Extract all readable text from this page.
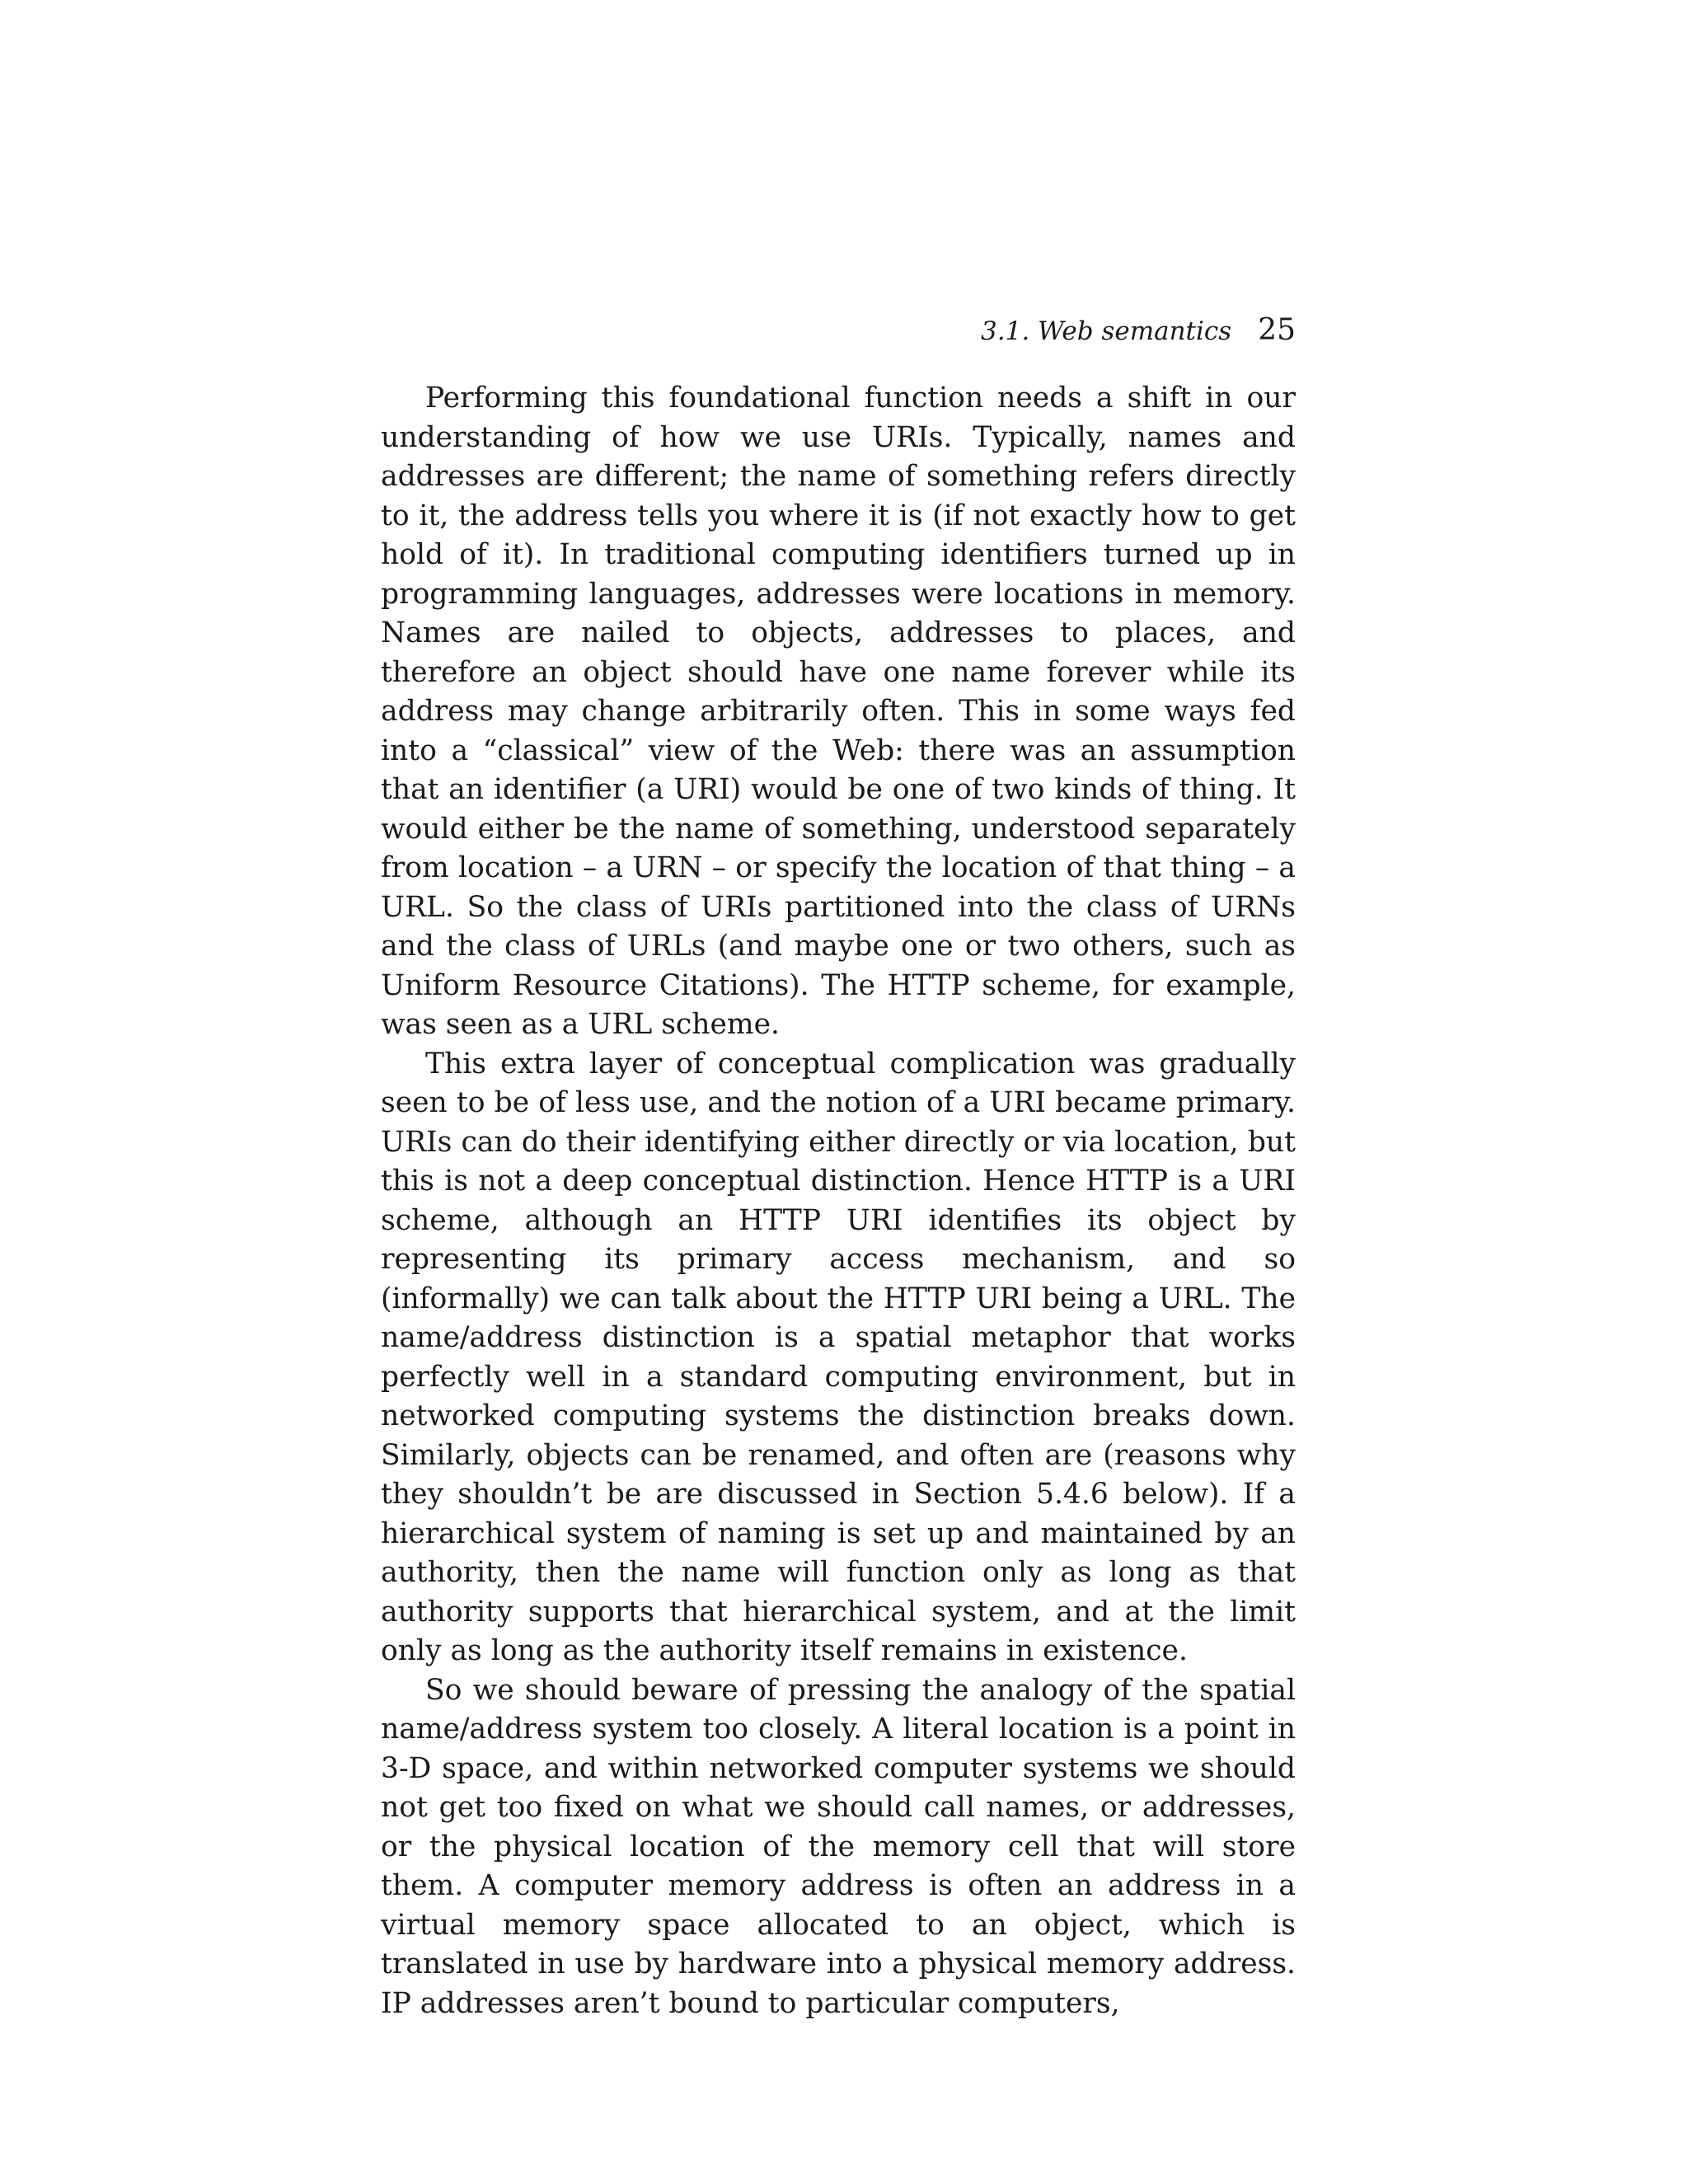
3.1. Web semantics 25

Performing this foundational function needs a shift in our understanding of how we use URIs. Typically, names and addresses are different; the name of something refers directly to it, the address tells you where it is (if not exactly how to get hold of it). In traditional computing identifiers turned up in programming languages, addresses were locations in memory. Names are nailed to objects, addresses to places, and therefore an object should have one name forever while its address may change arbitrarily often. This in some ways fed into a “classical” view of the Web: there was an assumption that an identifier (a URI) would be one of two kinds of thing. It would either be the name of something, understood separately from location – a URN – or specify the location of that thing – a URL. So the class of URIs partitioned into the class of URNs and the class of URLs (and maybe one or two others, such as Uniform Resource Citations). The HTTP scheme, for example, was seen as a URL scheme.

This extra layer of conceptual complication was gradually seen to be of less use, and the notion of a URI became primary. URIs can do their identifying either directly or via location, but this is not a deep conceptual distinction. Hence HTTP is a URI scheme, although an HTTP URI identifies its object by representing its primary access mechanism, and so (informally) we can talk about the HTTP URI being a URL. The name/address distinction is a spatial metaphor that works perfectly well in a standard computing environment, but in networked computing systems the distinction breaks down. Similarly, objects can be renamed, and often are (reasons why they shouldn’t be are discussed in Section 5.4.6 below). If a hierarchical system of naming is set up and maintained by an authority, then the name will function only as long as that authority supports that hierarchical system, and at the limit only as long as the authority itself remains in existence.

So we should beware of pressing the analogy of the spatial name/address system too closely. A literal location is a point in 3-D space, and within networked computer systems we should not get too fixed on what we should call names, or addresses, or the physical location of the memory cell that will store them. A computer memory address is often an address in a virtual memory space allocated to an object, which is translated in use by hardware into a physical memory address. IP addresses aren’t bound to particular computers,
